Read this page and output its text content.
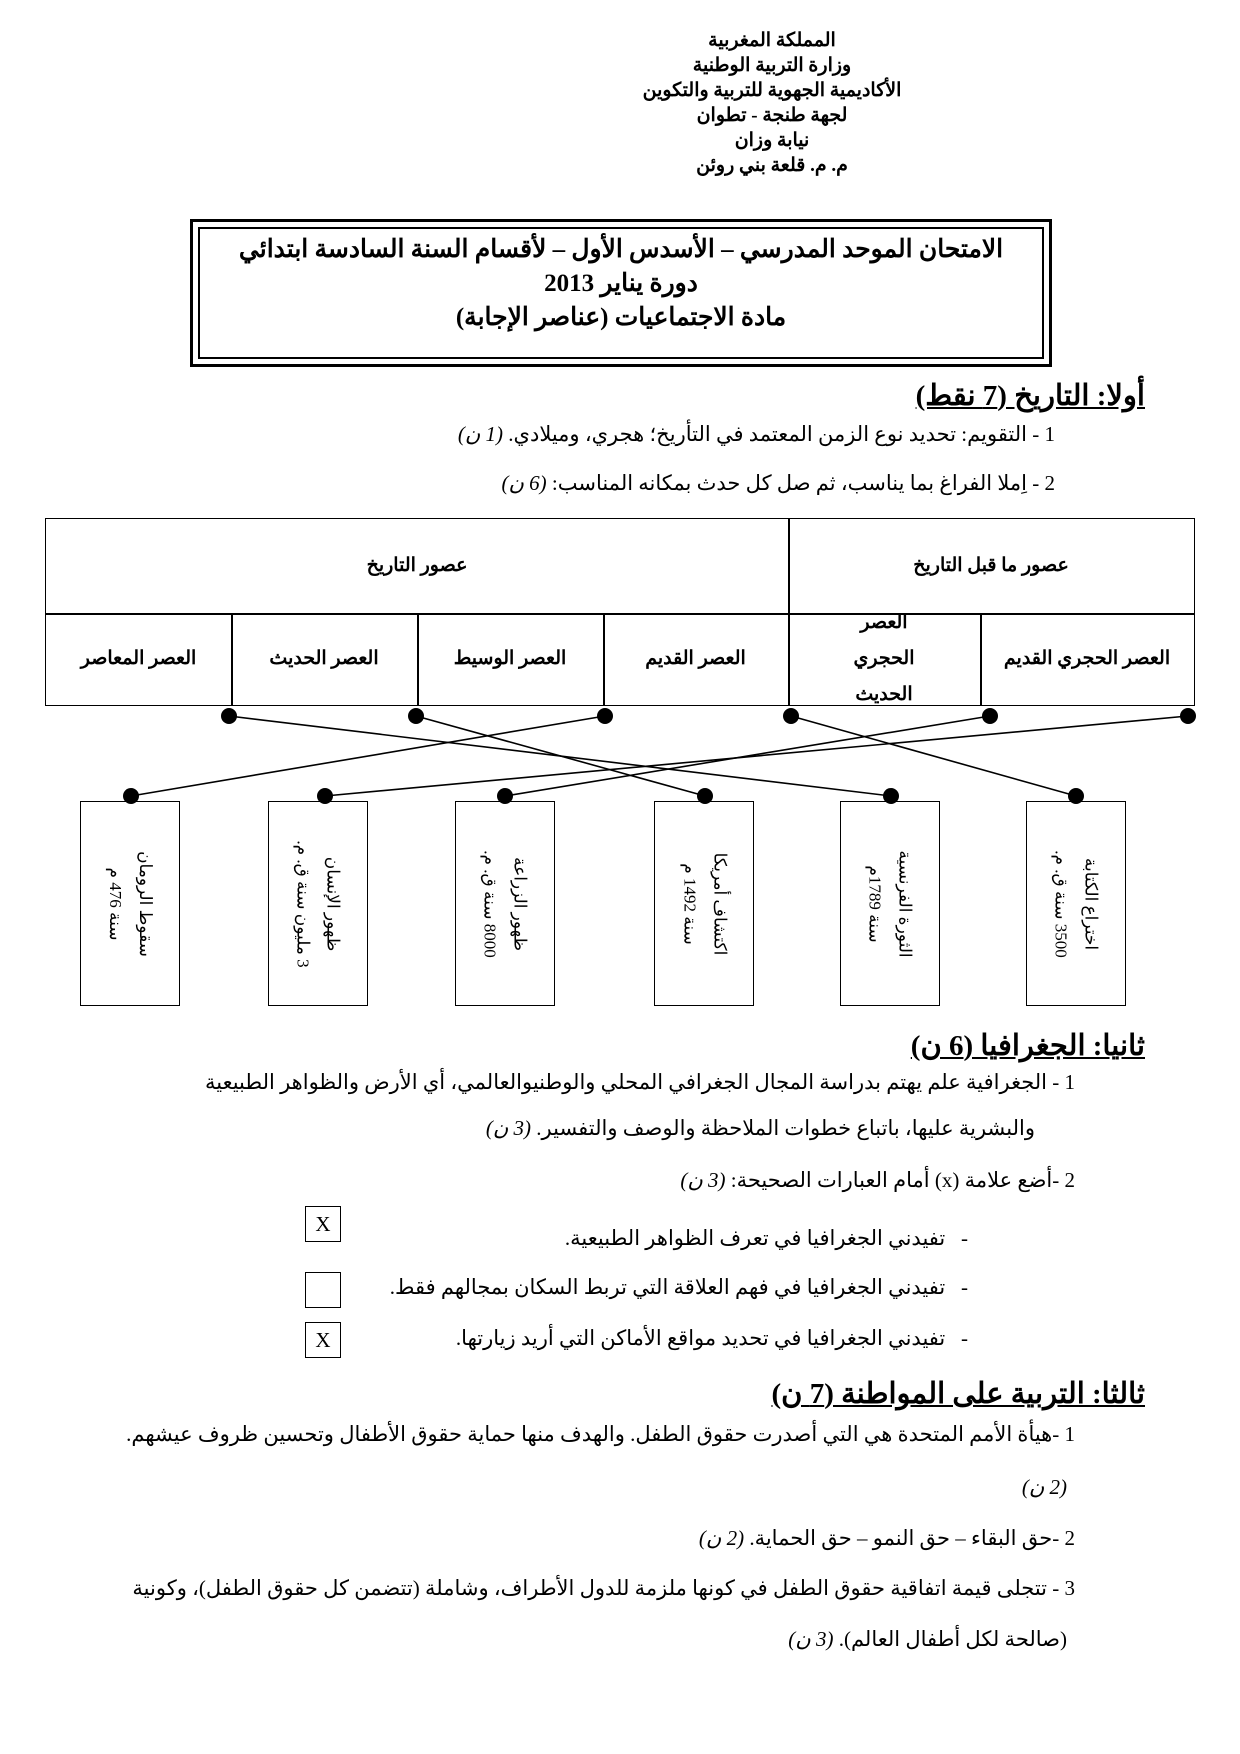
المملكة المغربية
وزارة التربية الوطنية
الأكاديمية الجهوية للتربية والتكوين
لجهة طنجة - تطوان
نيابة وزان
م. م. قلعة بني روئن
الامتحان الموحد المدرسي – الأسدس الأول – لأقسام السنة السادسة ابتدائي
دورة يناير 2013
مادة الاجتماعيات (عناصر الإجابة)
أولا: التاريخ (7 نقط)
1 - التقويم: تحديد نوع الزمن المعتمد في التأريخ؛ هجري، وميلادي. (1 ن)
2 - اِملا الفراغ بما يناسب، ثم صل كل حدث بمكانه المناسب: (6 ن)
عصور ما قبل التاريخ
عصور التاريخ
العصر الحجري القديم
العصر الحجري الحديث
العصر القديم
العصر الوسيط
العصر الحديث
العصر المعاصر
اختراع الكتابة
3500 سنة ق. م.
الثورة الفرنسية
سنة 1789م
اكتشاف أمريكا
سنة 1492 م
ظهور الزراعة
8000 سنة ق. م.
ظهور الإنسان
3 مليون سنة ق. م.
سقوط الرومان
سنة 476 م
ثانيا: الجغرافيا (6 ن)
1 - الجغرافية علم يهتم بدراسة المجال الجغرافي المحلي والوطنيوالعالمي، أي الأرض والظواهر الطبيعية
والبشرية عليها، باتباع خطوات الملاحظة والوصف والتفسير. (3 ن)
2 -أضع علامة (x) أمام العبارات الصحيحة: (3 ن)
-   تفيدني الجغرافيا في تعرف الظواهر الطبيعية.
X
-   تفيدني الجغرافيا في فهم العلاقة التي تربط السكان بمجالهم فقط.
-   تفيدني الجغرافيا في تحديد مواقع الأماكن التي أريد زيارتها.
X
ثالثا: التربية على المواطنة (7 ن)
1 -هيأة الأمم المتحدة هي التي أصدرت حقوق الطفل. والهدف منها حماية حقوق الأطفال وتحسين ظروف عيشهم.
(2 ن)
2 -حق البقاء – حق النمو – حق الحماية. (2 ن)
3 - تتجلى قيمة اتفاقية حقوق الطفل في كونها ملزمة للدول الأطراف، وشاملة (تتضمن كل حقوق الطفل)، وكونية
(صالحة لكل أطفال العالم). (3 ن)
